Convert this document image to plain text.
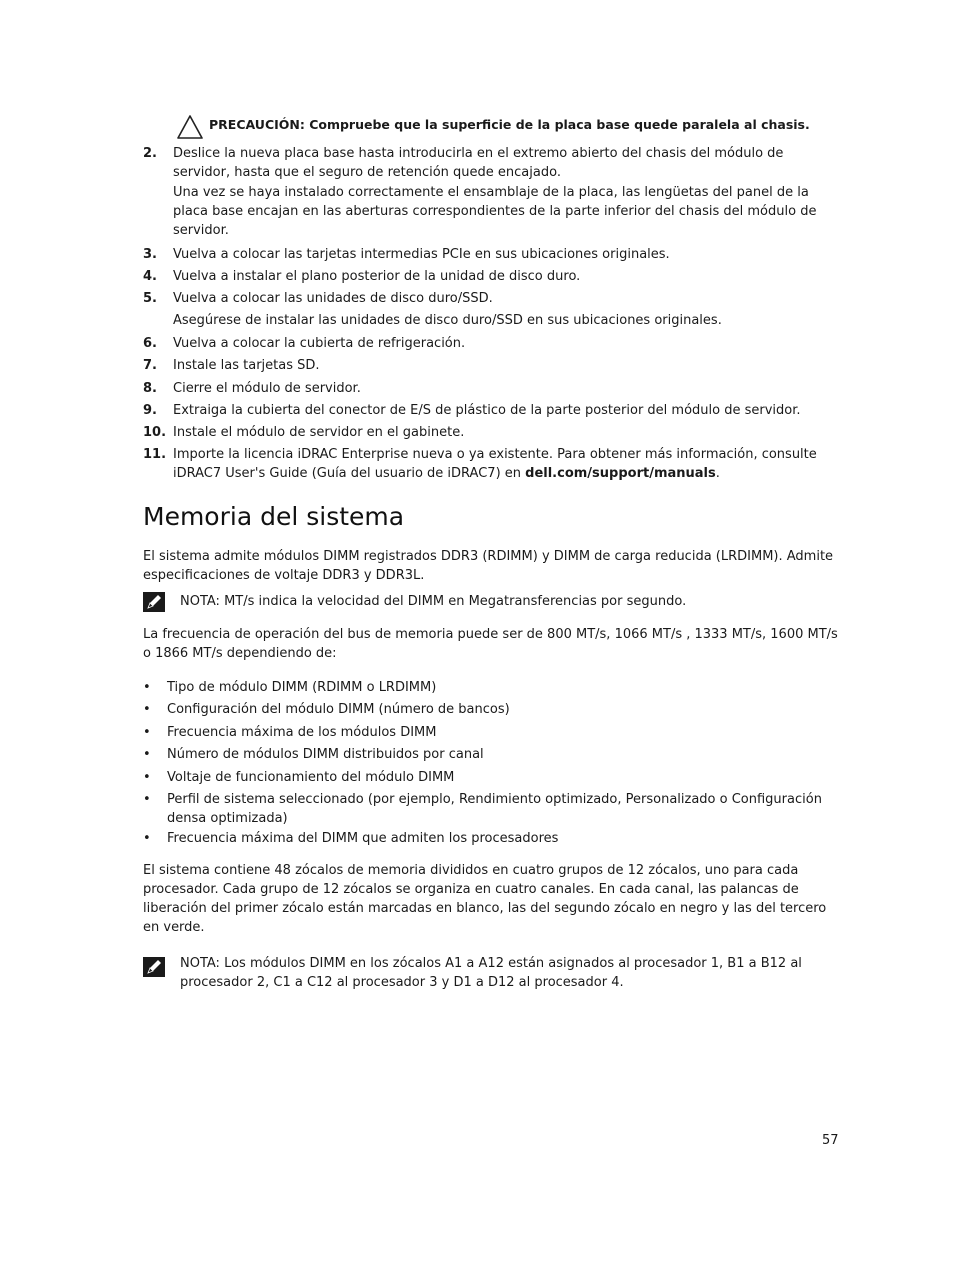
PRECAUCIÓN: Compruebe que la superficie de la placa base quede paralela al chasis.
2.	Deslice la nueva placa base hasta introducirla en el extremo abierto del chasis del módulo de servidor, hasta que el seguro de retención quede encajado.
Una vez se haya instalado correctamente el ensamblaje de la placa, las lengüetas del panel de la placa base encajan en las aberturas correspondientes de la parte inferior del chasis del módulo de servidor.
3.	Vuelva a colocar las tarjetas intermedias PCIe en sus ubicaciones originales.
4.	Vuelva a instalar el plano posterior de la unidad de disco duro.
5.	Vuelva a colocar las unidades de disco duro/SSD.
Asegúrese de instalar las unidades de disco duro/SSD en sus ubicaciones originales.
6.	Vuelva a colocar la cubierta de refrigeración.
7.	Instale las tarjetas SD.
8.	Cierre el módulo de servidor.
9.	Extraiga la cubierta del conector de E/S de plástico de la parte posterior del módulo de servidor.
10. Instale el módulo de servidor en el gabinete.
11. Importe la licencia iDRAC Enterprise nueva o ya existente. Para obtener más información, consulte iDRAC7 User's Guide (Guía del usuario de iDRAC7) en dell.com/support/manuals.
Memoria del sistema
El sistema admite módulos DIMM registrados DDR3 (RDIMM) y DIMM de carga reducida (LRDIMM). Admite especificaciones de voltaje DDR3 y DDR3L.
NOTA: MT/s indica la velocidad del DIMM en Megatransferencias por segundo.
La frecuencia de operación del bus de memoria puede ser de 800 MT/s, 1066 MT/s , 1333 MT/s, 1600 MT/s o 1866 MT/s dependiendo de:
• Tipo de módulo DIMM (RDIMM o LRDIMM)
• Configuración del módulo DIMM (número de bancos)
• Frecuencia máxima de los módulos DIMM
• Número de módulos DIMM distribuidos por canal
• Voltaje de funcionamiento del módulo DIMM
• Perfil de sistema seleccionado (por ejemplo, Rendimiento optimizado, Personalizado o Configuración densa optimizada)
• Frecuencia máxima del DIMM que admiten los procesadores
El sistema contiene 48 zócalos de memoria divididos en cuatro grupos de 12 zócalos, uno para cada procesador. Cada grupo de 12 zócalos se organiza en cuatro canales. En cada canal, las palancas de liberación del primer zócalo están marcadas en blanco, las del segundo zócalo en negro y las del tercero en verde.
NOTA: Los módulos DIMM en los zócalos A1 a A12 están asignados al procesador 1, B1 a B12 al procesador 2, C1 a C12 al procesador 3 y D1 a D12 al procesador 4.
57
